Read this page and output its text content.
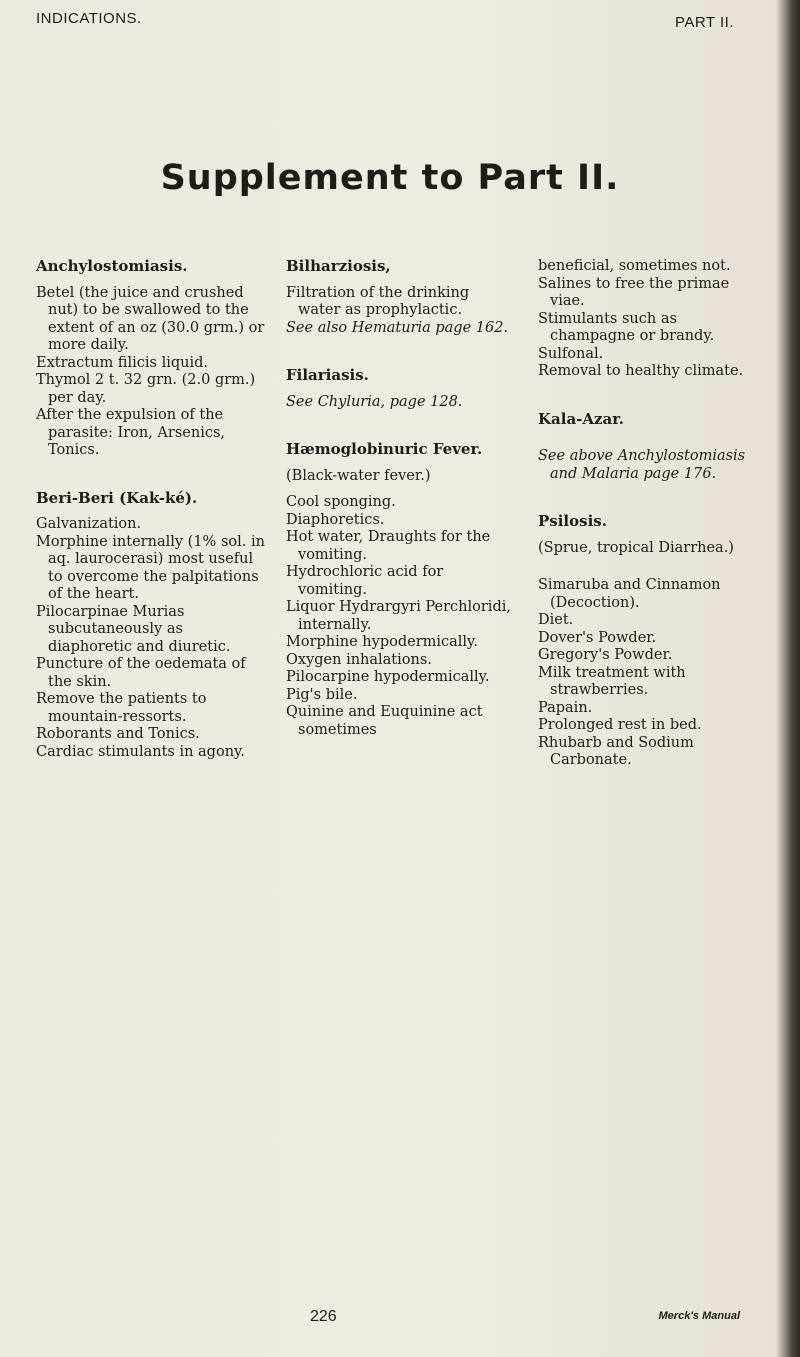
INDICATIONS.	PART II.
Supplement to Part II.

Anchylostomiasis.

Betel (the juice and crushed nut) to be swallowed to the extent of an oz (30.0 grm.) or more daily.

Extractum filicis liquid.

Thymol 2 t. 32 grn. (2.0 grm.) per day.

After the expulsion of the parasite: Iron, Arsenics, Tonics.

Beri-Beri (Kak-ké).

Galvanization.

Morphine internally (1% sol. in aq. laurocerasi) most useful to overcome the palpitations of the heart.

Pilocarpinae Murias subcutaneously as diaphoretic and diuretic.

Puncture of the oedemata of the skin.

Remove the patients to mountain-ressorts.

Roborants and Tonics.

Cardiac stimulants in agony.

Bilharziosis,

Filtration of the drinking water as prophylactic.

See also Hematuria page 162.

Filariasis.

See Chyluria, page 128.

Hæmoglobinuric Fever.

(Black-water fever.)

Cool sponging.

Diaphoretics.

Hot water, Draughts for the vomiting.

Hydrochloric acid for vomiting.

Liquor Hydrargyri Perchloridi, internally.

Morphine hypodermically.

Oxygen inhalations.

Pilocarpine hypodermically.

Pig's bile.

Quinine and Euquinine act sometimes

beneficial, sometimes not.

Salines to free the primae viae.

Stimulants such as champagne or brandy.

Sulfonal.

Removal to healthy climate.

Kala-Azar.

See above Anchylostomiasis and Malaria page 176.

Psilosis.

(Sprue, tropical Diarrhea.)

Simaruba and Cinnamon (Decoction).

Diet.

Dover's Powder.

Gregory's Powder.

Milk treatment with strawberries.

Papain.

Prolonged rest in bed.

Rhubarb and Sodium Carbonate.

226	Merck's Manual
